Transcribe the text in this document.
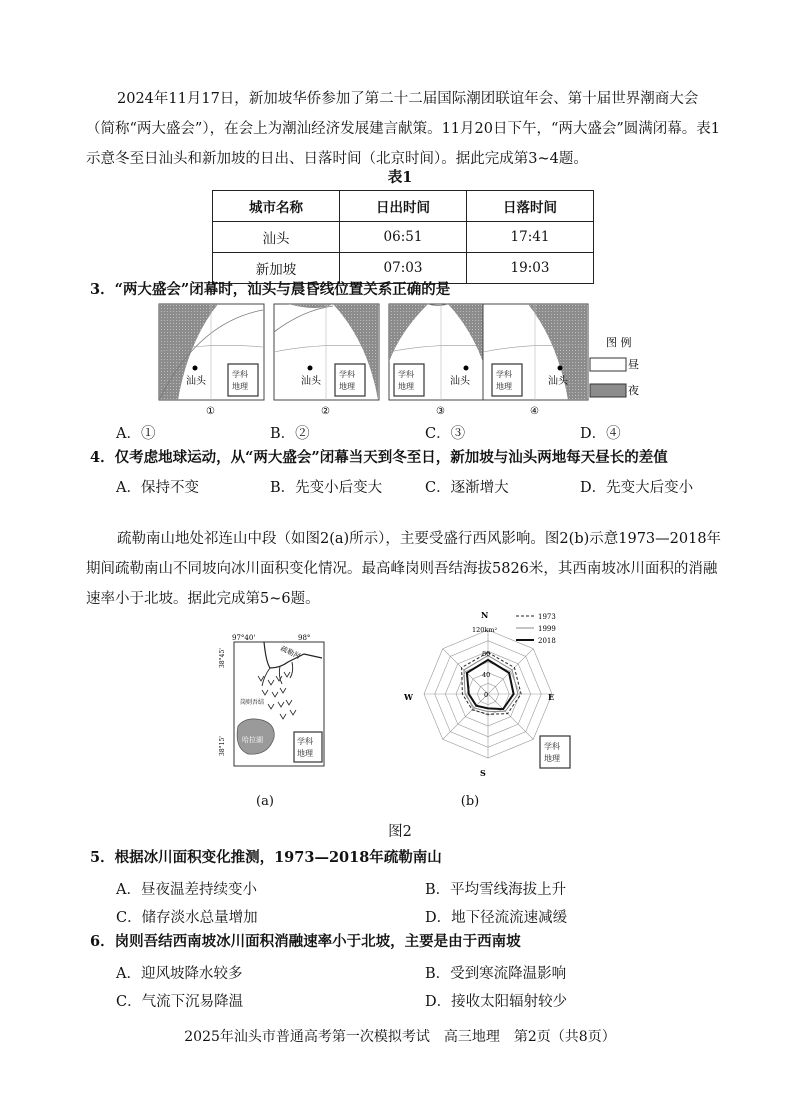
2024年11月17日，新加坡华侨参加了第二十二届国际潮团联谊年会、第十届世界潮商大会（简称“两大盛会”），在会上为潮汕经济发展建言献策。11月20日下午，“两大盛会”圆满闭幕。表1示意冬至日汕头和新加坡的日出、日落时间（北京时间）。据此完成第3~4题。
表1
城市名称	日出时间	日落时间
汕头	06:51	17:41
新加坡	07:03	19:03
3．“两大盛会”闭幕时，汕头与晨昏线位置关系正确的是
汕头
学科
地理	汕头
学科
地理	汕头
学科
地理	汕头
学科
地理
①	②	③	④
图 例
昼
夜
A．①	B．②	C．③	D．④
4．仅考虑地球运动，从“两大盛会”闭幕当天到冬至日，新加坡与汕头两地每天昼长的差值
A．保持不变	B．先变小后变大	C．逐渐增大	D．先变大后变小
疏勒南山地处祁连山中段（如图2(a)所示），主要受盛行西风影响。图2(b)示意1973—2018年期间疏勒南山不同坡向冰川面积变化情况。最高峰岗则吾结海拔5826米，其西南坡冰川面积的消融速率小于北坡。据此完成第5~6题。
97°40'	98°
38°45'
38°15'
疏勒河
岗则吾结
哈拉湖	学科
地理
(a)
N
E
S
W
120km²
80
40
0
1973
1999
2018
学科
地理
(b)
图2
5．根据冰川面积变化推测，1973—2018年疏勒南山
A．昼夜温差持续变小	B．平均雪线海拔上升
C．储存淡水总量增加	D．地下径流流速减缓
6．岗则吾结西南坡冰川面积消融速率小于北坡，主要是由于西南坡
A．迎风坡降水较多	B．受到寒流降温影响
C．气流下沉易降温	D．接收太阳辐射较少
2025年汕头市普通高考第一次模拟考试　高三地理　第2页（共8页）
